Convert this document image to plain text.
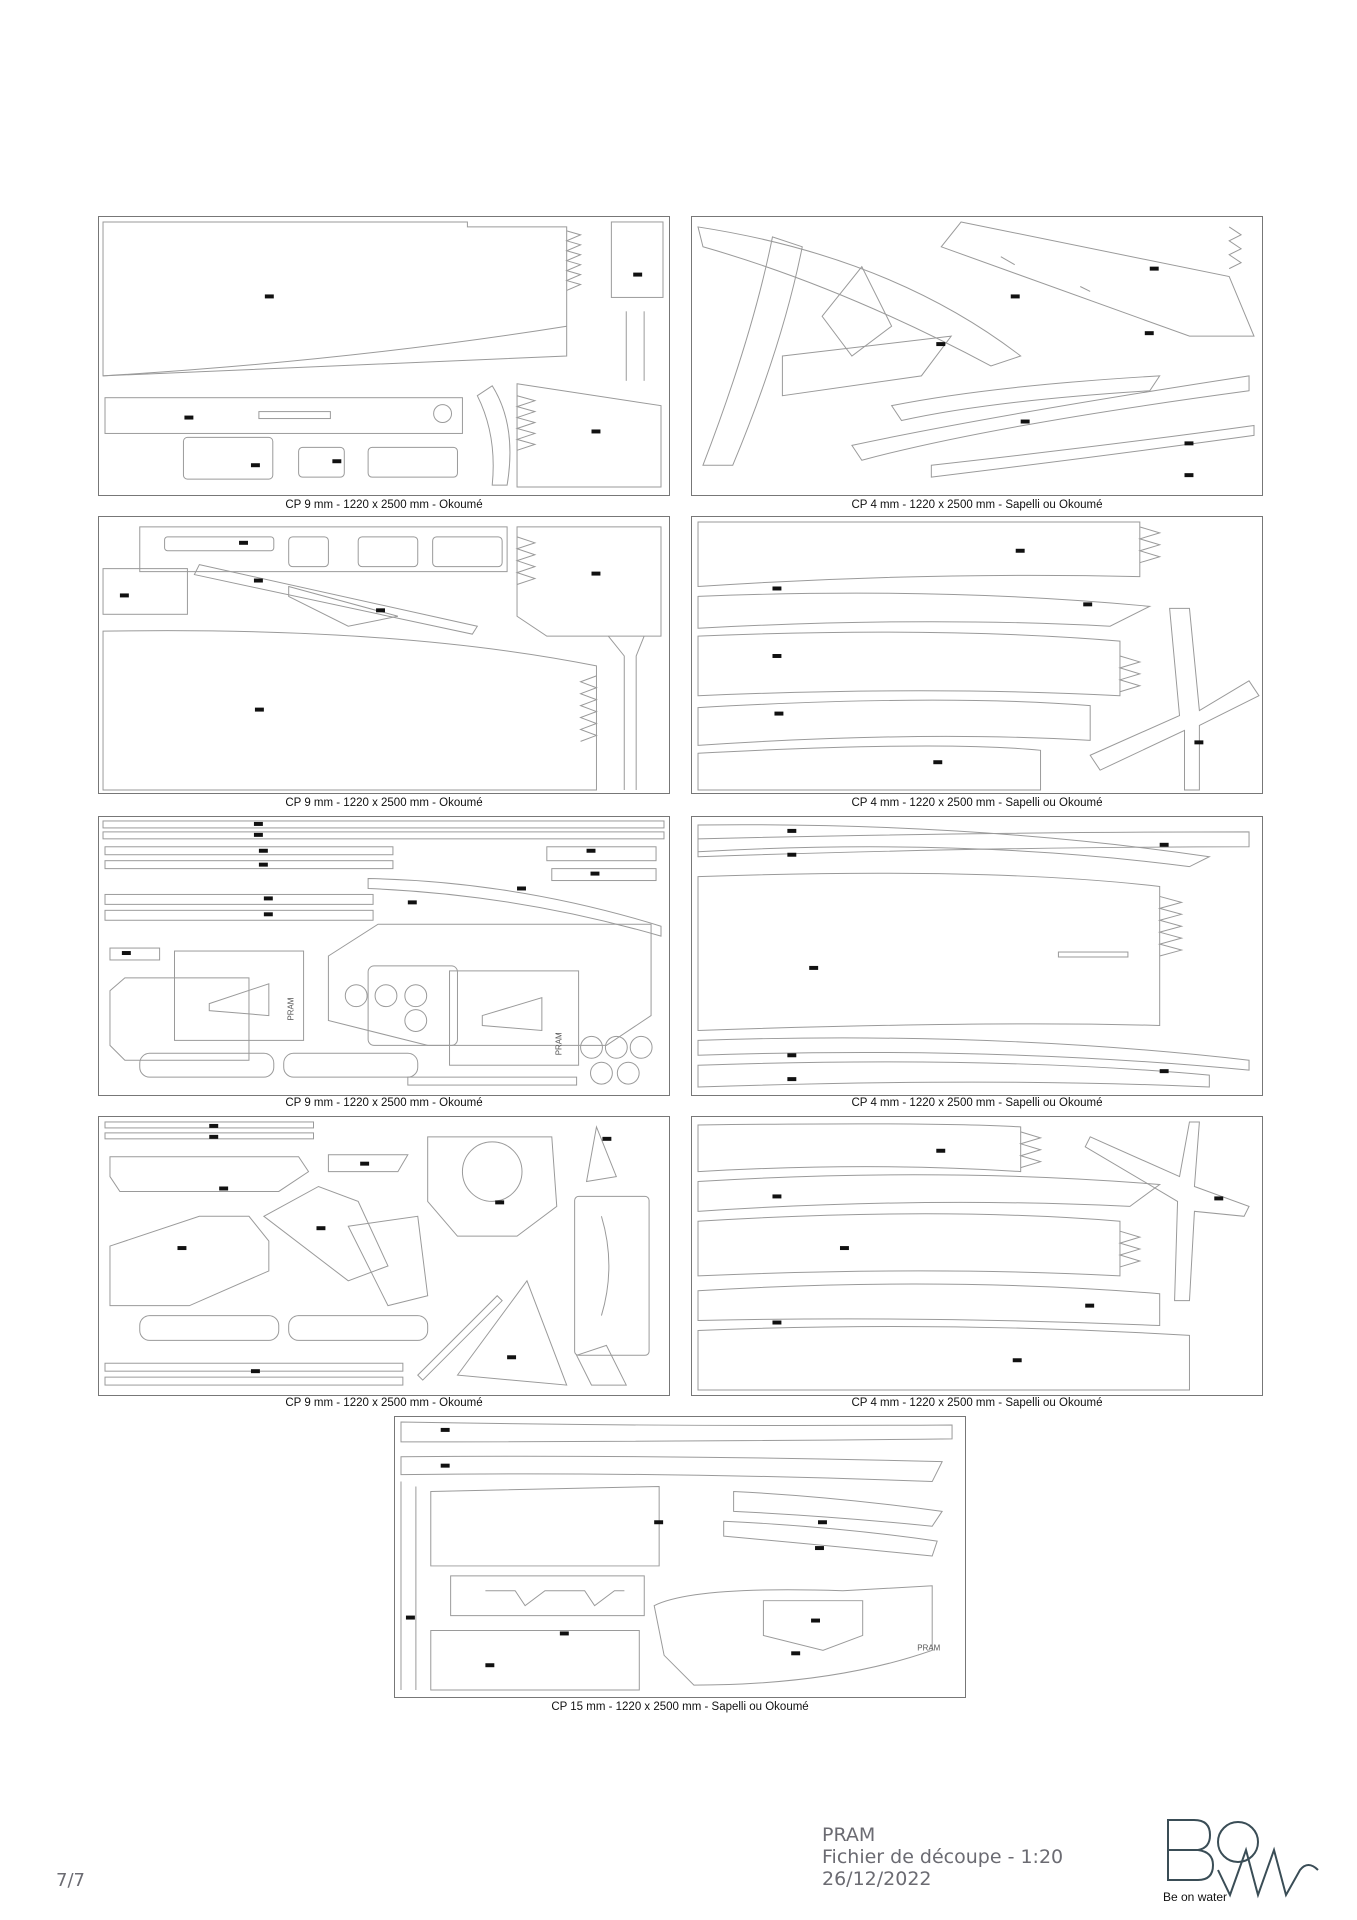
CP 9 mm - 1220 x 2500 mm - Okoumé	CP 4 mm - 1220 x 2500 mm - Sapelli ou Okoumé
CP 9 mm - 1220 x 2500 mm - Okoumé	CP 4 mm - 1220 x 2500 mm - Sapelli ou Okoumé
PRAM
PRAM
CP 9 mm - 1220 x 2500 mm - Okoumé	CP 4 mm - 1220 x 2500 mm - Sapelli ou Okoumé
CP 9 mm - 1220 x 2500 mm - Okoumé	CP 4 mm - 1220 x 2500 mm - Sapelli ou Okoumé
PRAM
CP 15 mm - 1220 x 2500 mm - Sapelli ou Okoumé
7/7
PRAM
Fichier de découpe - 1:20
26/12/2022
Be on water
